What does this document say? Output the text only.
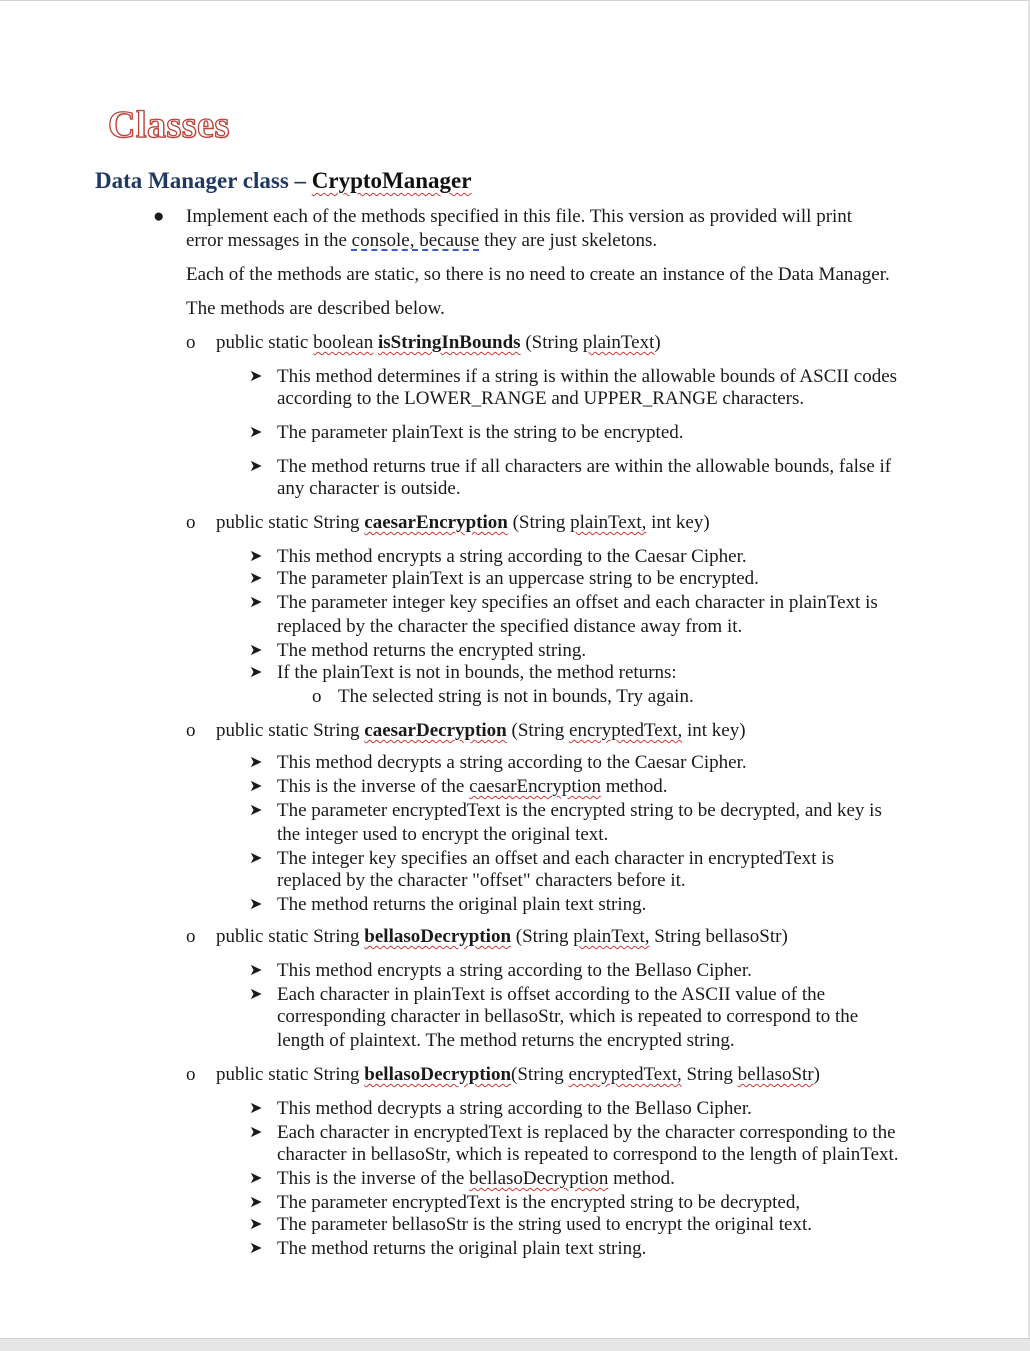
Classes
Data Manager class – CryptoManager
● Implement each of the methods specified in this file. This version as provided will print

error messages in the console, because they are just skeletons.

Each of the methods are static, so there is no need to create an instance of the Data Manager.

The methods are described below.

o public static boolean isStringInBounds (String plainText)

➤ This method determines if a string is within the allowable bounds of ASCII codes

according to the LOWER_RANGE and UPPER_RANGE characters.

➤ The parameter plainText is the string to be encrypted.

➤ The method returns true if all characters are within the allowable bounds, false if

any character is outside.

o public static String caesarEncryption (String plainText, int key)

➤ This method encrypts a string according to the Caesar Cipher.

➤ The parameter plainText is an uppercase string to be encrypted.

➤ The parameter integer key specifies an offset and each character in plainText is

replaced by the character the specified distance away from it.

➤ The method returns the encrypted string.

➤ If the plainText is not in bounds, the method returns:

o The selected string is not in bounds, Try again.

o public static String caesarDecryption (String encryptedText, int key)

➤ This method decrypts a string according to the Caesar Cipher.

➤ This is the inverse of the caesarEncryption method.

➤ The parameter encryptedText is the encrypted string to be decrypted, and key is

the integer used to encrypt the original text.

➤ The integer key specifies an offset and each character in encryptedText is

replaced by the character "offset" characters before it.

➤ The method returns the original plain text string.

o public static String bellasoDecryption (String plainText, String bellasoStr)

➤ This method encrypts a string according to the Bellaso Cipher.

➤ Each character in plainText is offset according to the ASCII value of the

corresponding character in bellasoStr, which is repeated to correspond to the

length of plaintext. The method returns the encrypted string.

o public static String bellasoDecryption(String encryptedText, String bellasoStr)

➤ This method decrypts a string according to the Bellaso Cipher.

➤ Each character in encryptedText is replaced by the character corresponding to the

character in bellasoStr, which is repeated to correspond to the length of plainText.

➤ This is the inverse of the bellasoDecryption method.

➤ The parameter encryptedText is the encrypted string to be decrypted,

➤ The parameter bellasoStr is the string used to encrypt the original text.

➤ The method returns the original plain text string.
